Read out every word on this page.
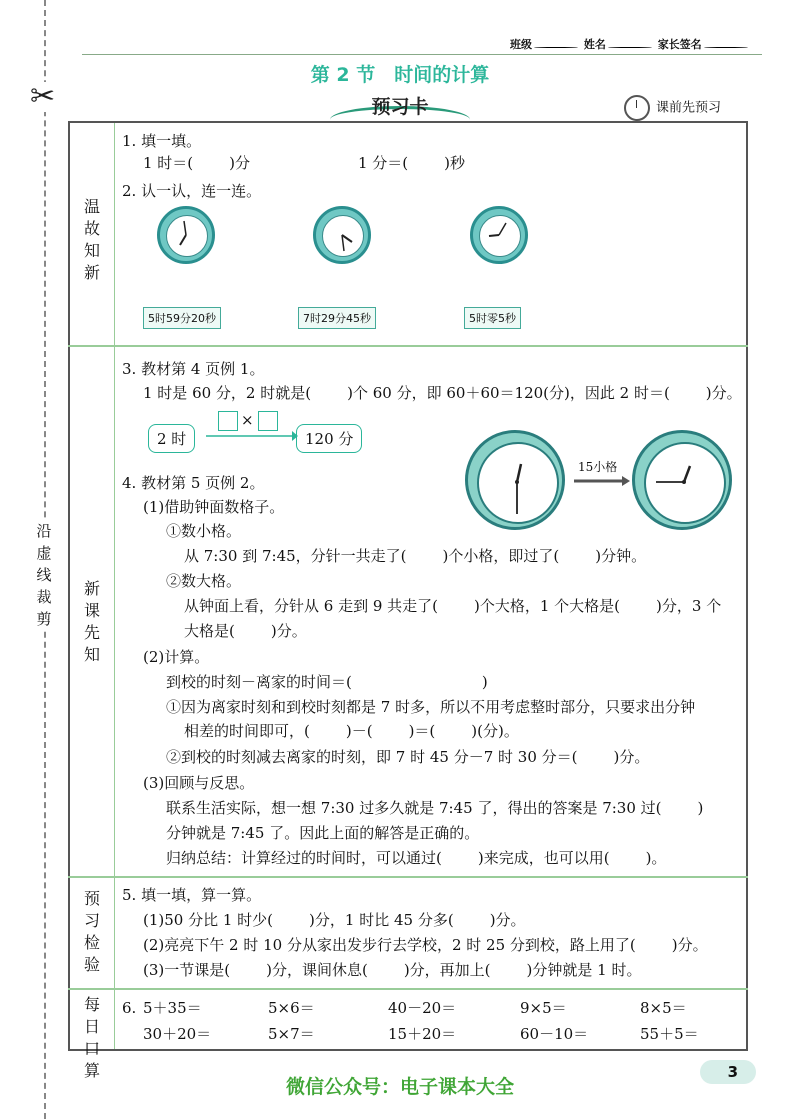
✂
沿
虚
线
裁
剪
班级	姓名	家长签名
第 2 节　时间的计算
预习卡	课前先预习
温
故
知
新
新
课
先
知
预
习
检
验
每
日
口
算
1. 填一填。
1 时＝( )分	1 分＝( )秒
2. 认一认，连一连。
5时59分20秒	7时29分45秒	5时零5秒
3. 教材第 4 页例 1。
1 时是 60 分，2 时就是( )个 60 分，即 60＋60＝120(分)，因此 2 时＝( )分。
2 时	120 分
×
15小格
4. 教材第 5 页例 2。
(1)借助钟面数格子。
①数小格。
从 7:30 到 7:45，分针一共走了( )个小格，即过了( )分钟。
②数大格。
从钟面上看，分针从 6 走到 9 共走了( )个大格，1 个大格是( )分，3 个
大格是( )分。
(2)计算。
到校的时刻－离家的时间＝(	)
①因为离家时刻和到校时刻都是 7 时多，所以不用考虑整时部分，只要求出分钟
相差的时间即可，( )－( )＝( )(分)。
②到校的时刻减去离家的时刻，即 7 时 45 分－7 时 30 分＝( )分。
(3)回顾与反思。
联系生活实际，想一想 7:30 过多久就是 7:45 了，得出的答案是 7:30 过( )
分钟就是 7:45 了。因此上面的解答是正确的。
归纳总结：计算经过的时间时，可以通过( )来完成，也可以用( )。
5. 填一填，算一算。
(1)50 分比 1 时少( )分，1 时比 45 分多( )分。
(2)亮亮下午 2 时 10 分从家出发步行去学校，2 时 25 分到校，路上用了( )分。
(3)一节课是( )分，课间休息( )分，再加上( )分钟就是 1 时。
6. 5＋35＝	5×6＝	40－20＝	9×5＝	8×5＝
30＋20＝	5×7＝	15＋20＝	60－10＝	55＋5＝
3
微信公众号：电子课本大全
